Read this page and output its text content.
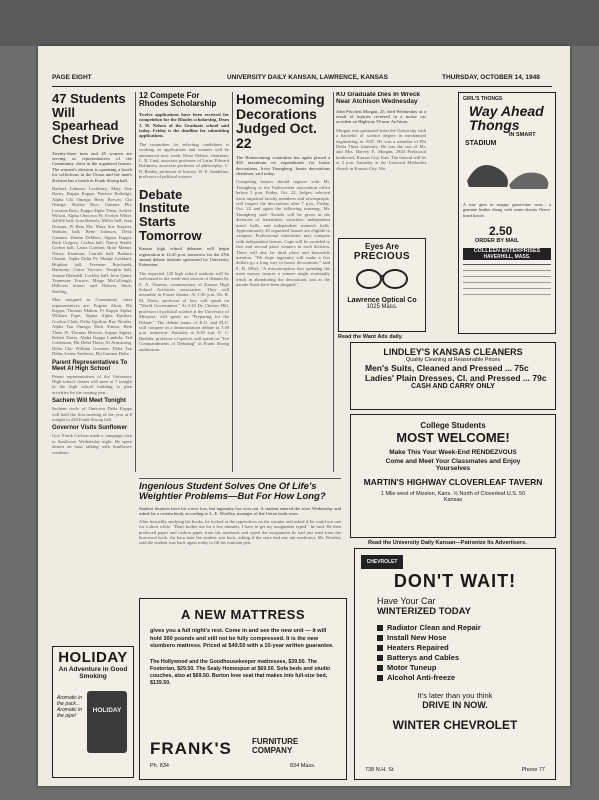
PAGE EIGHT	UNIVERSITY DAILY KANSAN, LAWRENCE, KANSAS	THURSDAY, OCTOBER 14, 1948
47 Students Will Spearhead Chest Drive
Twenty-three men and 25 women are serving as representatives of the Community chest in the organized houses. The women's division is operating a booth for collections in the Union and the men's division has a booth in Frank Strong hall.
Barbara Johnson, Lockbury; Mary Ann Burns, Kappa Kappa; Patricia Rutledge, Alpha Chi Omega; Betty Brewer, Chi Omega; Shirley Rice, Gamma Phi; Lorraine Ross, Kappa Alpha Theta; Ardyce Wilson, Alpha Omicron Pi; Evelyn White, Jolliffe hall; Joan Roberts, Miller hall; Jean Dresner, Pi Beta Phi; Mary Sue Stayton, Watkins hall; Bette Johnson, Delta Gamma; Donna DeMoss, Sigma Kappa; Ruth Gregory, Corbin hall; Nancy Smith, Corbin hall; Laura Gardner, Briar Manor; Nancy Kautman, Carruth hall. Barbara Chanin, Alpha Delta Pi; Madge Goddard, Hopkins hall; Freeman Burchardt, Harmony; Grace Vaccaro, Templin hall; Joanne Blaisdell, Lockley hall; Jerre Quint, Tennessee Terrace; Marge McCollough, Hillcrest house; and Dolores Stick, Sterling.
Men assigned as Community chest representatives are: Eugene Alton, Phi Kappa; Thomas Mahon, Pi Kappa Alpha; William Pope, Sigma Alpha Epsilon; Gordon Clark, Delta Upsilon; Ray Worder, Alpha Tau Omega; Dick Altmor, Beta Theta Pi; Thomas Briscoe, Kappa Sigma; Robert Davis, Alpha Kappa Lambda; Ted Cobleman, Phi Delta Theta; Al Armstrong, Delta Chi; William Greenen, Delta Tau Delta; Lester Andrews, Phi Gamma Delta.
Parent Representatives To Meet At High School
Parent representatives of the University High school classes will meet at 7 tonight in the high school building to plan activities for the coming year.
Sachem Will Meet Tonight
Sachem circle of Omicron Delta Kappa will hold the first meeting of the year at 8 tonight in 228 Frank Strong hall.
Governor Visits Sunflower
Gov. Frank Carlson made a campaign visit to Sunflower Wednesday night. He spent almost an hour talking with Sunflower residents.
HOLIDAY
An Adventure in Good Smoking
Aromatic in the pack... Aromatic in the pipe!
HOLIDAY
12 Compete For Rhodes Scholarship
Twelve applications have been received for competition for the Rhodes scholarship, Dean J. H. Nelson of the Graduate school said today. Friday is the deadline for submitting applications.
The committee for selecting candidates is working on applications and winners will be announced next week. Dean Nelson, chairman; L. R. Lind, associate professor of Latin; Edward Robinson, associate professor of philosophy; C. B. Realey, professor of history; W. E. Sandelius, professor of political science.
Debate Institute Starts Tomorrow
Kansas high school debaters will begin registration at 12:45 p.m. tomorrow for the 27th annual debate institute sponsored by University Extension.
The expected 120 high school students will be welcomed to the week-end session of debates by E. A. Thomas, commissioner of Kansas High School Activities association. They will assemble in Fraser theater. At 1:30 p.m. Dr. R. M. Davis, professor of law, will speak on "World Government." At 3:30 Dr. Chester Hill, professor of political science at the University of Missouri, will speak on "Preparing for the Debate." The debate teams of K.U. and M.U. will compete in a demonstration debate at 7:30 p.m. tomorrow. Saturday at 8:30 a.m. E. C. Buehler, professor of speech, will speak on "Ten Commandments of Debating" in Frank Strong auditorium.
Homecoming Decorations Judged Oct. 22
The Homecoming committee has again placed a $50 maximum on expenditures for house decorations, Irvin Youngberg, house decorations chairman, said today.
Competing houses should register with Mr. Youngberg at the Endowment association office before 5 p.m. Friday, Oct. 22. Judges, selected from impartial faculty members and townspeople, will inspect the decorations after 7 p.m., Friday, Oct. 22 and again the following morning, Mr. Youngberg said. Awards will be given in the divisions of fraternities, sororities, independent men's halls, and independent women's halls. Approximately 40 organized houses are eligible to compete. Professional fraternities may compete with independent houses. Cups will be awarded to first and second place winners in each division. There will also be third place and honorable mention. "We hope ingenuity will make a few dollars go a long way in house decorations," said E. R. Elbel. "A misconception that spending the most money insures a winner might eventually result in abandoning the decorations just as the parade floats have been dropped."
KU Graduate Dies In Wreck Near Atchison Wednesday
John Pritchett Morgan, 25, died Wednesday as a result of injuries received in a motor car accident on Highway 59 near Atchison.
Morgan was graduated from the University with a bachelor of science degree in mechanical engineering in 1947. He was a member of Phi Delta Theta fraternity. He was the son of Mr. and Mrs. Harvey E. Morgan, 2843 Parkwood boulevard, Kansas City, Kan. The funeral will be at 2 p.m. Saturday at the Linwood Methodist church in Kansas City, Mo.
Eyes Are
PRECIOUS
Lawrence Optical Co
1025 Mass.
Read the Want Ads daily.
GIRL'S THONGS
Way Ahead Thongs
IN SMART
STADIUM
A true gem in snappy game-time wear... a genuine leather thong with warm downy fleece-lined bootie.
2.50
ORDER BY MAIL
COLLEEN ENTERPRISES
HAVERHILL, MASS.
LINDLEY'S KANSAS CLEANERS
Quality Cleaning at Reasonable Prices
Men's Suits, Cleaned and Pressed ... 75c
Ladies' Plain Dresses, Cl. and Pressed ... 79c
CASH AND CARRY ONLY
College Students
MOST WELCOME!
Make This Your Week-End RENDEZVOUS
Come and Meet Your Classmates and Enjoy Yourselves
MARTIN'S HIGHWAY CLOVERLEAF TAVERN
1 Mile west of Mission, Kans. ½ North of Cloverleaf U.S. 50 Kansas
Read the University Daily Kansan—Patronize Its Advertisers.
Ingenious Student Solves One Of Life's Weightier Problems—But For How Long?
Student finances have hit a new low, but ingenuity has won out. A student entered the store Wednesday and asked for a certain book, according to L. E. Woolley, manager of the Union book store.
After hurriedly studying his books, he looked at the typewriters on the counter and asked if he could use one for a short while. "Don't bother me for a few minutes, I have to get my assignment typed," he said. He then produced paper and carbon paper from his notebook and typed the assignment he had just read from the borrowed book. An hour later the student was back, asking if the store had any ink eradicator. Mr. Woolley said the student was back again today to fill his fountain pen.
A NEW MATTRESS
gives you a full night's rest. Come in and see the new unit — it will hold 300 pounds and still not be fully compressed. It is the new slumbero mattress. Priced at $49.50 with a 10-year written guarantee.
The Hollywood and the Goodhousekeeper mattresses, $39.50. The Fostorian, $29.50. The Sealy Homespun at $69.50. Sofa beds and studio couches, also at $69.50. Burton love seat that makes into full-size bed, $139.50.
FRANK'S	FURNITURE COMPANY
Ph. 834	834 Mass.
CHEVROLET
DON'T WAIT!
Have Your Car
WINTERIZED TODAY
Radiator Clean and Repair
Install New Hose
Heaters Repaired
Batterys and Cables
Motor Tuneup
Alcohol Anti-freeze
It's later than you think
DRIVE IN NOW.
WINTER CHEVROLET
738 N.H. St.	Phone 77
